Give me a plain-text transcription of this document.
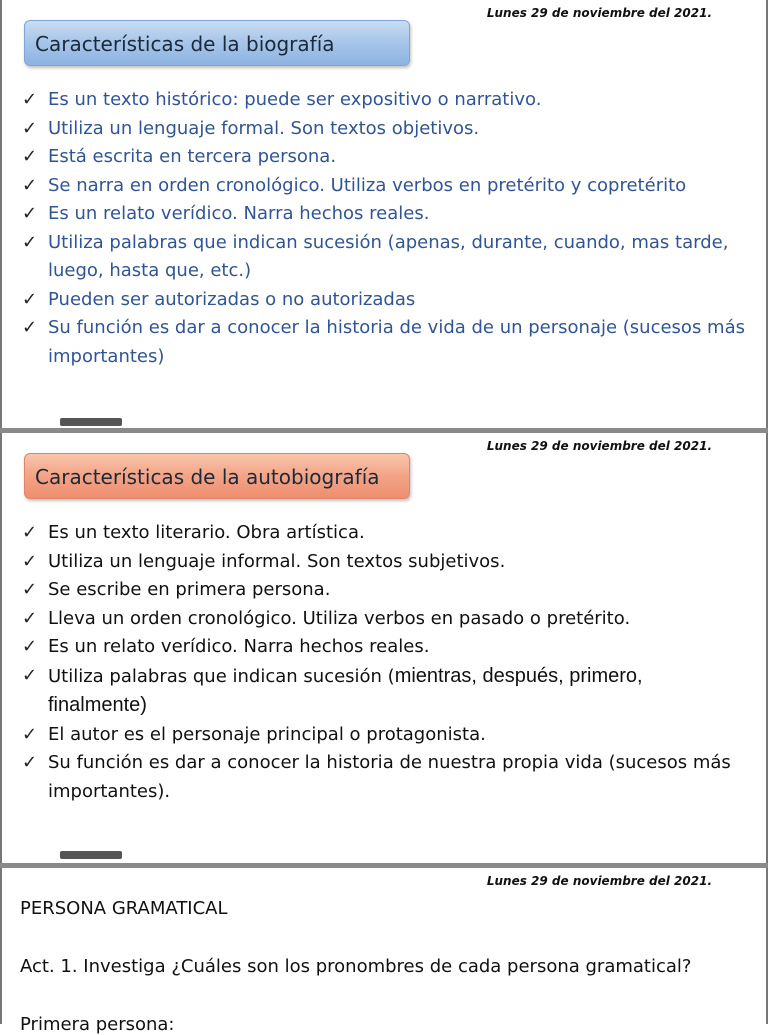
Lunes 29 de noviembre del 2021.
Características de la biografía
✓ Es un texto histórico: puede ser expositivo o narrativo.
✓ Utiliza un lenguaje formal. Son textos objetivos.
✓ Está escrita en tercera persona.
✓ Se narra en orden cronológico. Utiliza verbos en pretérito y copretérito
✓ Es un relato verídico. Narra hechos reales.
✓ Utiliza palabras que indican sucesión (apenas, durante, cuando, mas tarde,
luego, hasta que, etc.)
✓ Pueden ser autorizadas o no autorizadas
✓ Su función es dar a conocer la historia de vida de un personaje (sucesos más
importantes)
Lunes 29 de noviembre del 2021.
Características de la autobiografía
✓ Es un texto literario. Obra artística.
✓ Utiliza un lenguaje informal. Son textos subjetivos.
✓ Se escribe en primera persona.
✓ Lleva un orden cronológico. Utiliza verbos en pasado o pretérito.
✓ Es un relato verídico. Narra hechos reales.
✓ Utiliza palabras que indican sucesión (mientras, después, primero,
finalmente)
✓ El autor es el personaje principal o protagonista.
✓ Su función es dar a conocer la historia de nuestra propia vida (sucesos más
importantes).
Lunes 29 de noviembre del 2021.
PERSONA GRAMATICAL
Act. 1. Investiga ¿Cuáles son los pronombres de cada persona gramatical?
Primera persona:
